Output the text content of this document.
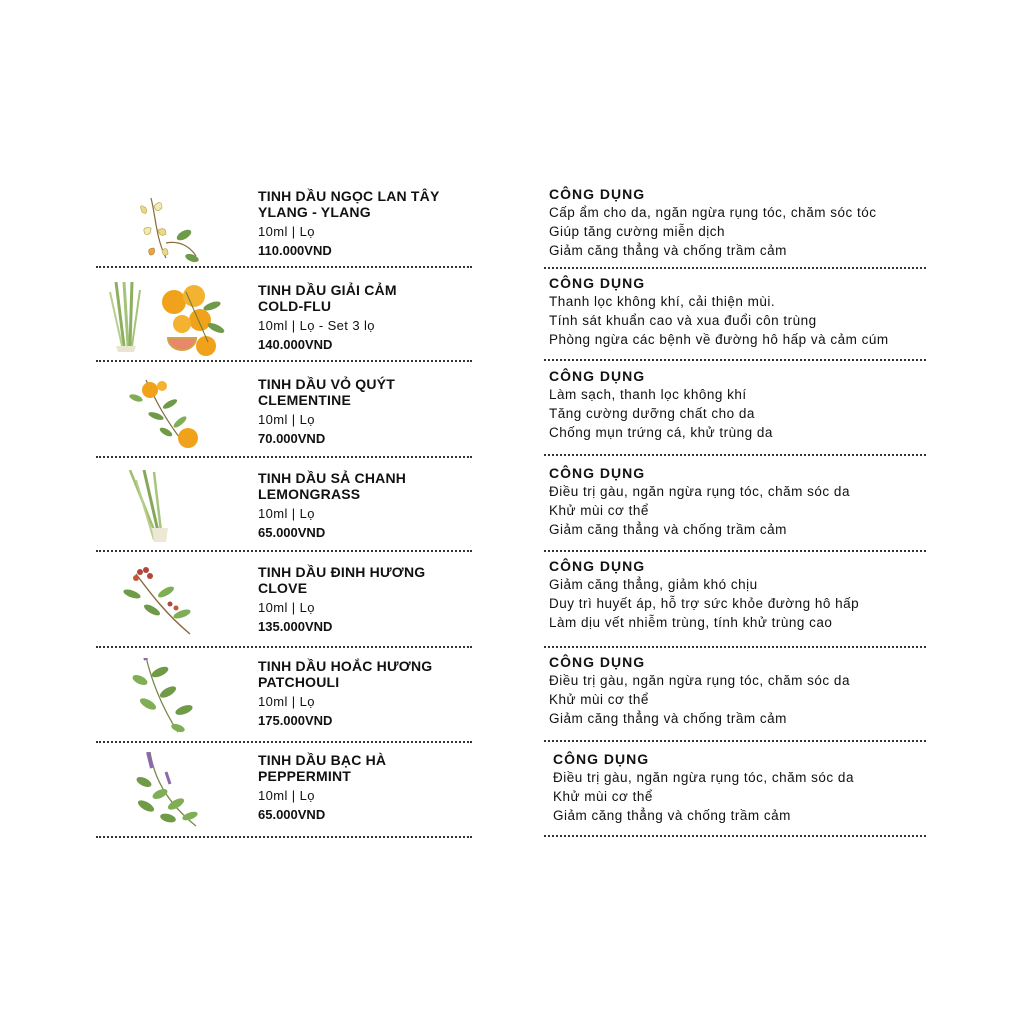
TINH DẦU NGỌC LAN TÂY
YLANG - YLANG
10ml | Lọ
110.000VND
TINH DẦU GIẢI CẢM
COLD-FLU
10ml | Lọ - Set 3 lọ
140.000VND
TINH DẦU VỎ QUÝT
CLEMENTINE
10ml | Lọ
70.000VND
TINH DẦU SẢ CHANH
LEMONGRASS
10ml | Lọ
65.000VND
TINH DẦU ĐINH HƯƠNG
CLOVE
10ml | Lọ
135.000VND
TINH DẦU HOẮC HƯƠNG
PATCHOULI
10ml | Lọ
175.000VND
TINH DẦU BẠC HÀ
PEPPERMINT
10ml | Lọ
65.000VND
CÔNG DỤNG
Cấp ẩm cho da, ngăn ngừa rụng tóc, chăm sóc tóc
Giúp tăng cường miễn dịch
Giảm căng thẳng và chống trầm cảm
CÔNG DỤNG
Thanh lọc không khí, cải thiện mùi.
Tính sát khuẩn cao và xua đuổi côn trùng
Phòng ngừa các bệnh về đường hô hấp và cảm cúm
CÔNG DỤNG
Làm sạch, thanh lọc không khí
Tăng cường dưỡng chất cho da
Chống mụn trứng cá, khử trùng da
CÔNG DỤNG
Điều trị gàu, ngăn ngừa rụng tóc, chăm sóc da
Khử mùi cơ thể
Giảm căng thẳng và chống trầm cảm
CÔNG DỤNG
Giảm căng thẳng, giảm khó chịu
Duy trì huyết áp, hỗ trợ sức khỏe đường hô hấp
Làm dịu vết nhiễm trùng, tính khử trùng cao
CÔNG DỤNG
Điều trị gàu, ngăn ngừa rụng tóc, chăm sóc da
Khử mùi cơ thể
Giảm căng thẳng và chống trầm cảm
CÔNG DỤNG
Điều trị gàu, ngăn ngừa rụng tóc, chăm sóc da
Khử mùi cơ thể
Giảm căng thẳng và chống trầm cảm
